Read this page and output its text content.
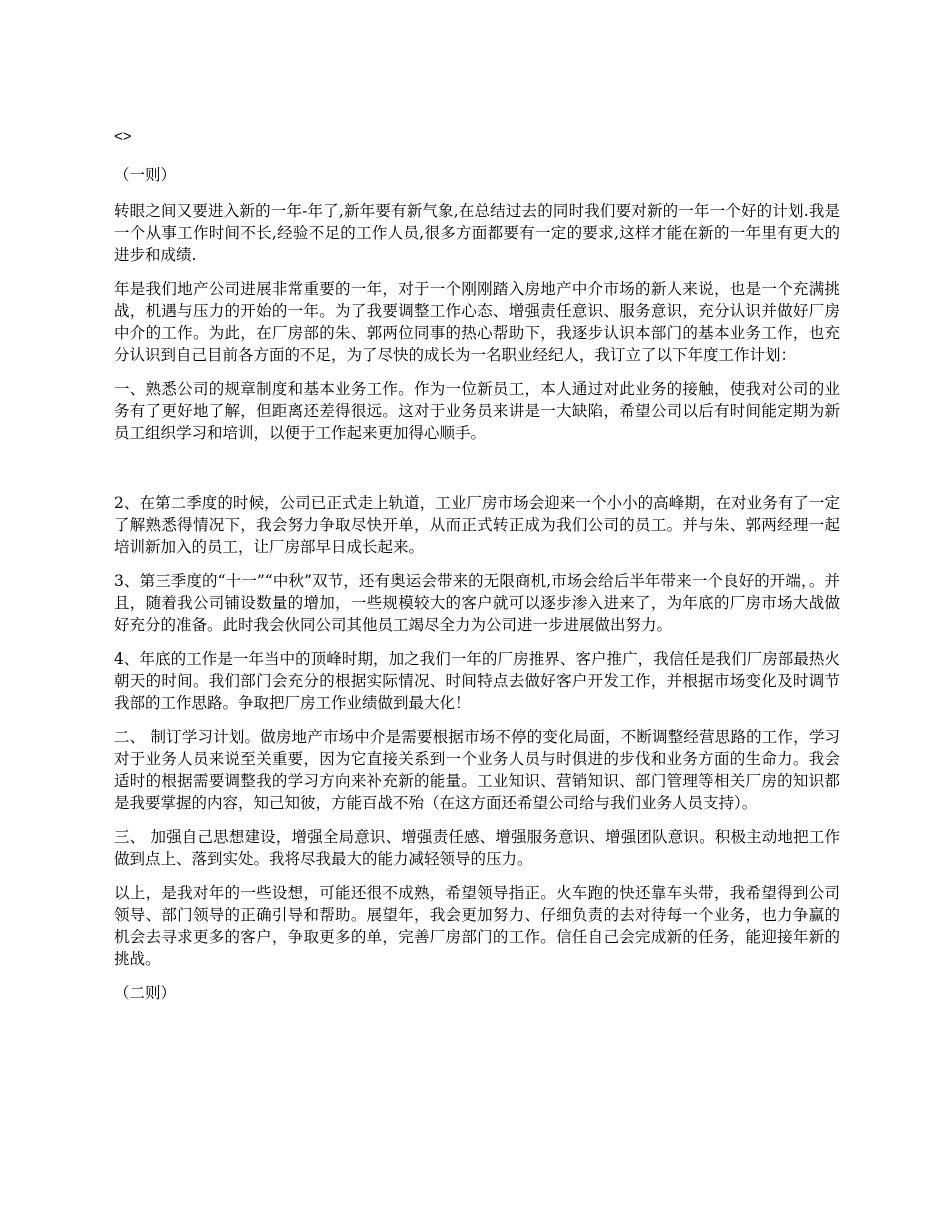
<>
（一则）

转眼之间又要进入新的一年-年了,新年要有新气象,在总结过去的同时我们要对新的一年一个好的计划.我是一个从事工作时间不长,经验不足的工作人员,很多方面都要有一定的要求,这样才能在新的一年里有更大的进步和成绩.

年是我们地产公司进展非常重要的一年，对于一个刚刚踏入房地产中介市场的新人来说，也是一个充满挑战，机遇与压力的开始的一年。为了我要调整工作心态、增强责任意识、服务意识，充分认识并做好厂房中介的工作。为此，在厂房部的朱、郭两位同事的热心帮助下，我逐步认识本部门的基本业务工作，也充分认识到自己目前各方面的不足，为了尽快的成长为一名职业经纪人，我订立了以下年度工作计划：

一、熟悉公司的规章制度和基本业务工作。作为一位新员工，本人通过对此业务的接触，使我对公司的业务有了更好地了解，但距离还差得很远。这对于业务员来讲是一大缺陷，希望公司以后有时间能定期为新员工组织学习和培训，以便于工作起来更加得心顺手。

2、在第二季度的时候，公司已正式走上轨道，工业厂房市场会迎来一个小小的高峰期，在对业务有了一定了解熟悉得情况下，我会努力争取尽快开单，从而正式转正成为我们公司的员工。并与朱、郭两经理一起培训新加入的员工，让厂房部早日成长起来。

3、第三季度的“十一”“中秋”双节，还有奥运会带来的无限商机,市场会给后半年带来一个良好的开端，。并且，随着我公司铺设数量的增加，一些规模较大的客户就可以逐步渗入进来了，为年底的厂房市场大战做好充分的准备。此时我会伙同公司其他员工竭尽全力为公司进一步进展做出努力。

4、年底的工作是一年当中的顶峰时期，加之我们一年的厂房推界、客户推广，我信任是我们厂房部最热火朝天的时间。我们部门会充分的根据实际情况、时间特点去做好客户开发工作，并根据市场变化及时调节我部的工作思路。争取把厂房工作业绩做到最大化！

二、 制订学习计划。做房地产市场中介是需要根据市场不停的变化局面，不断调整经营思路的工作，学习对于业务人员来说至关重要，因为它直接关系到一个业务人员与时俱进的步伐和业务方面的生命力。我会适时的根据需要调整我的学习方向来补充新的能量。工业知识、营销知识、部门管理等相关厂房的知识都是我要掌握的内容，知己知彼，方能百战不殆（在这方面还希望公司给与我们业务人员支持）。

三、 加强自己思想建设，增强全局意识、增强责任感、增强服务意识、增强团队意识。积极主动地把工作做到点上、落到实处。我将尽我最大的能力减轻领导的压力。

以上，是我对年的一些设想，可能还很不成熟，希望领导指正。火车跑的快还靠车头带，我希望得到公司领导、部门领导的正确引导和帮助。展望年，我会更加努力、仔细负责的去对待每一个业务，也力争赢的机会去寻求更多的客户，争取更多的单，完善厂房部门的工作。信任自己会完成新的任务，能迎接年新的挑战。

（二则）
